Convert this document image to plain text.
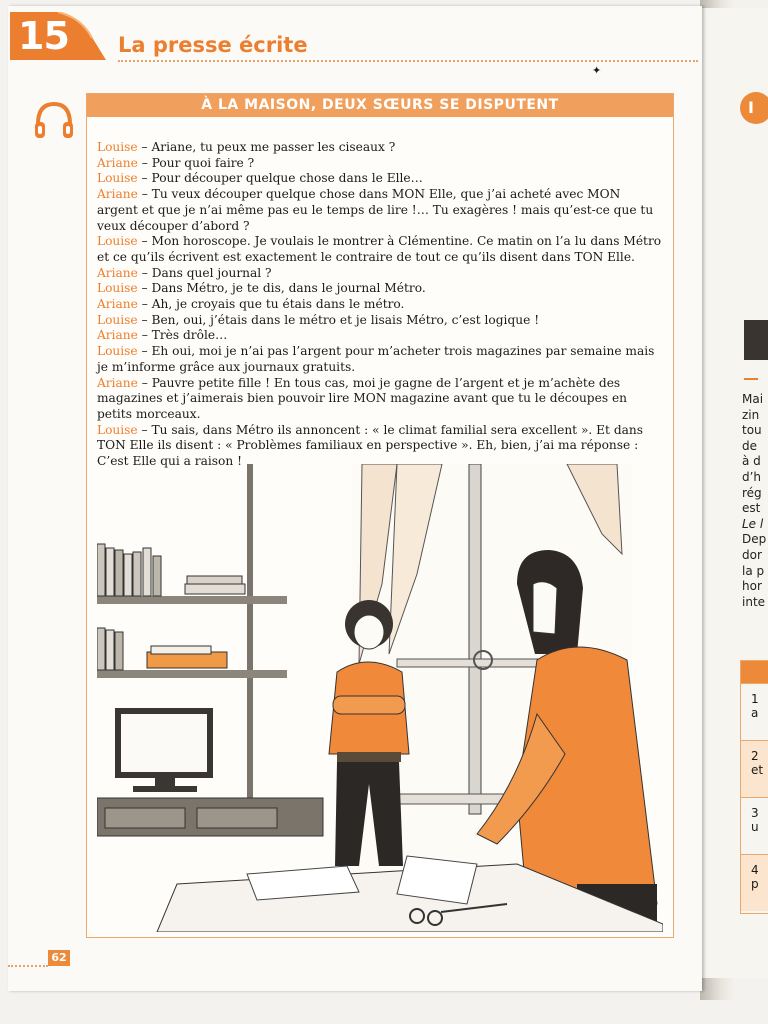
15 La presse écrite
✦
À LA MAISON, DEUX SŒURS SE DISPUTENT

Louise – Ariane, tu peux me passer les ciseaux ?

Ariane – Pour quoi faire ?

Louise – Pour découper quelque chose dans le Elle…

Ariane – Tu veux découper quelque chose dans MON Elle, que j’ai acheté avec MON argent et que je n’ai même pas eu le temps de lire !… Tu exagères ! mais qu’est-ce que tu veux découper d’abord ?

Louise – Mon horoscope. Je voulais le montrer à Clémentine. Ce matin on l’a lu dans Métro et ce qu’ils écrivent est exactement le contraire de tout ce qu’ils disent dans TON Elle.

Ariane – Dans quel journal ?

Louise – Dans Métro, je te dis, dans le journal Métro.

Ariane – Ah, je croyais que tu étais dans le métro.

Louise – Ben, oui, j’étais dans le métro et je lisais Métro, c’est logique !

Ariane – Très drôle…

Louise – Eh oui, moi je n’ai pas l’argent pour m’acheter trois magazines par semaine mais je m’informe grâce aux journaux gratuits.

Ariane – Pauvre petite fille ! En tous cas, moi je gagne de l’argent et je m’achète des magazines et j’aimerais bien pouvoir lire MON magazine avant que tu le découpes en petits morceaux.

Louise – Tu sais, dans Métro ils annoncent : « le climat familial sera excellent ». Et dans TON Elle ils disent : « Problèmes familiaux en perspective ». Eh, bien, j’ai ma réponse : C’est Elle qui a raison !

62
I
Mai
zin
tou
de
à d
d’h
rég
est
Le l
Dep
dor
la p
hor
inte
1
a
2
et
3
u
4
p
